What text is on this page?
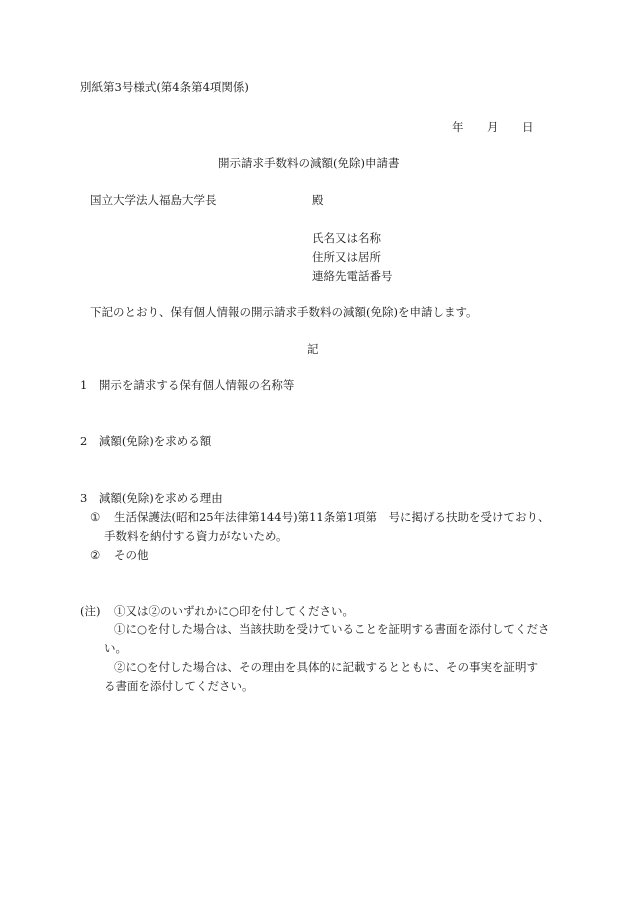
別紙第3号様式(第4条第4項関係)
年 月 日
開示請求手数料の減額(免除)申請書
国立大学法人福島大学長	殿
氏名又は名称
住所又は居所
連絡先電話番号
下記のとおり、保有個人情報の開示請求手数料の減額(免除)を申請します。
記
1　開示を請求する保有個人情報の名称等
2　減額(免除)を求める額
3　減額(免除)を求める理由
① 生活保護法(昭和25年法律第144号)第11条第1項第　号に掲げる扶助を受けており、
手数料を納付する資力がないため。
② その他
(注) ①又は②のいずれかに○印を付してください。
①に○を付した場合は、当該扶助を受けていることを証明する書面を添付してくださ
い。
②に○を付した場合は、その理由を具体的に記載するとともに、その事実を証明す
る書面を添付してください。
